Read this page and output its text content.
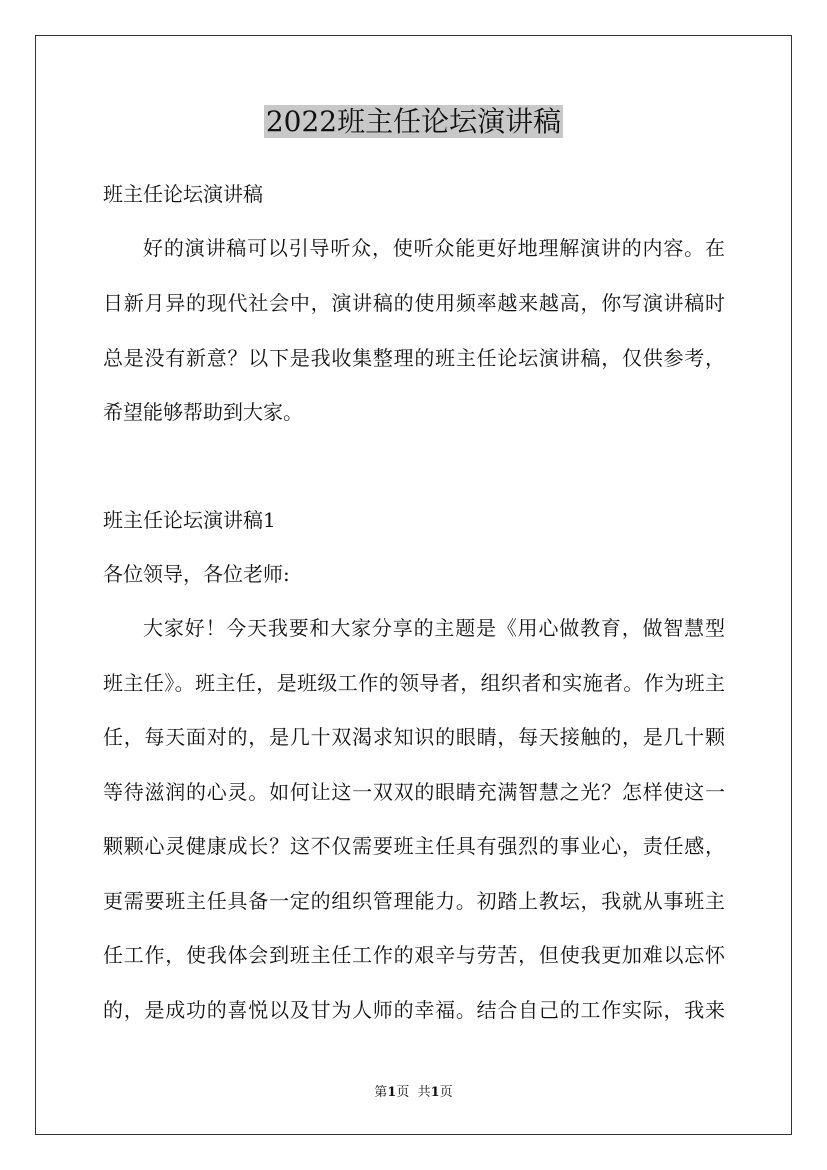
2022班主任论坛演讲稿
班主任论坛演讲稿
好的演讲稿可以引导听众，使听众能更好地理解演讲的内容。在
日新月异的现代社会中，演讲稿的使用频率越来越高，你写演讲稿时
总是没有新意？以下是我收集整理的班主任论坛演讲稿，仅供参考，
希望能够帮助到大家。
班主任论坛演讲稿1
各位领导，各位老师:
大家好！今天我要和大家分享的主题是《用心做教育，做智慧型
班主任》。班主任，是班级工作的领导者，组织者和实施者。作为班主
任，每天面对的，是几十双渴求知识的眼睛，每天接触的，是几十颗
等待滋润的心灵。如何让这一双双的眼睛充满智慧之光？怎样使这一
颗颗心灵健康成长？这不仅需要班主任具有强烈的事业心，责任感，
更需要班主任具备一定的组织管理能力。初踏上教坛，我就从事班主
任工作，使我体会到班主任工作的艰辛与劳苦，但使我更加难以忘怀
的，是成功的喜悦以及甘为人师的幸福。结合自己的工作实际，我来
第1页 共1页
